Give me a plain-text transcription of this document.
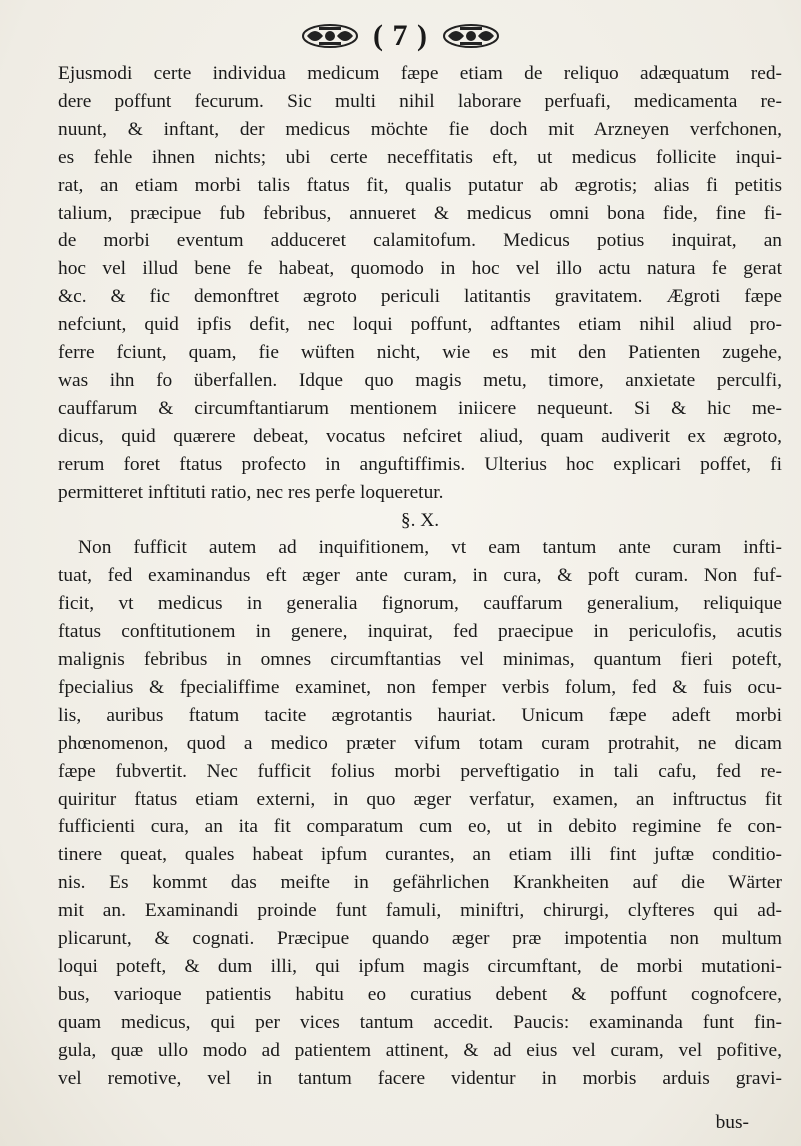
( 7 )
Ejusmodi certe individua medicum fæpe etiam de reliquo adæquatum red-
dere poffunt fecurum. Sic multi nihil laborare perfuafi, medicamenta re-
nuunt, & inftant, der medicus möchte fie doch mit Arzneyen verfchonen,
es fehle ihnen nichts; ubi certe neceffitatis eft, ut medicus follicite inqui-
rat, an etiam morbi talis ftatus fit, qualis putatur ab ægrotis; alias fi petitis
talium, præcipue fub febribus, annueret & medicus omni bona fide, fine fi-
de morbi eventum adduceret calamitofum. Medicus potius inquirat, an
hoc vel illud bene fe habeat, quomodo in hoc vel illo actu natura fe gerat
&c. & fic demonftret ægroto periculi latitantis gravitatem. Ægroti fæpe
nefciunt, quid ipfis defit, nec loqui poffunt, adftantes etiam nihil aliud pro-
ferre fciunt, quam, fie wüften nicht, wie es mit den Patienten zugehe,
was ihn fo überfallen. Idque quo magis metu, timore, anxietate perculfi,
cauffarum & circumftantiarum mentionem iniicere nequeunt. Si & hic me-
dicus, quid quærere debeat, vocatus nefciret aliud, quam audiverit ex ægroto,
rerum foret ftatus profecto in anguftiffimis. Ulterius hoc explicari poffet, fi
permitteret inftituti ratio, nec res perfe loqueretur.
§. X.
Non fufficit autem ad inquifitionem, vt eam tantum ante curam infti-
tuat, fed examinandus eft æger ante curam, in cura, & poft curam. Non fuf-
ficit, vt medicus in generalia fignorum, cauffarum generalium, reliquique
ftatus conftitutionem in genere, inquirat, fed praecipue in periculofis, acutis
malignis febribus in omnes circumftantias vel minimas, quantum fieri poteft,
fpecialius & fpecialiffime examinet, non femper verbis folum, fed & fuis ocu-
lis, auribus ftatum tacite ægrotantis hauriat. Unicum fæpe adeft morbi
phœnomenon, quod a medico præter vifum totam curam protrahit, ne dicam
fæpe fubvertit. Nec fufficit folius morbi perveftigatio in tali cafu, fed re-
quiritur ftatus etiam externi, in quo æger verfatur, examen, an inftructus fit
fufficienti cura, an ita fit comparatum cum eo, ut in debito regimine fe con-
tinere queat, quales habeat ipfum curantes, an etiam illi fint juftæ conditio-
nis. Es kommt das meifte in gefährlichen Krankheiten auf die Wärter
mit an. Examinandi proinde funt famuli, miniftri, chirurgi, clyfteres qui ad-
plicarunt, & cognati. Præcipue quando æger præ impotentia non multum
loqui poteft, & dum illi, qui ipfum magis circumftant, de morbi mutationi-
bus, varioque patientis habitu eo curatius debent & poffunt cognofcere,
quam medicus, qui per vices tantum accedit. Paucis: examinanda funt fin-
gula, quæ ullo modo ad patientem attinent, & ad eius vel curam, vel pofitive,
vel remotive, vel in tantum facere videntur in morbis arduis gravi-
bus-
